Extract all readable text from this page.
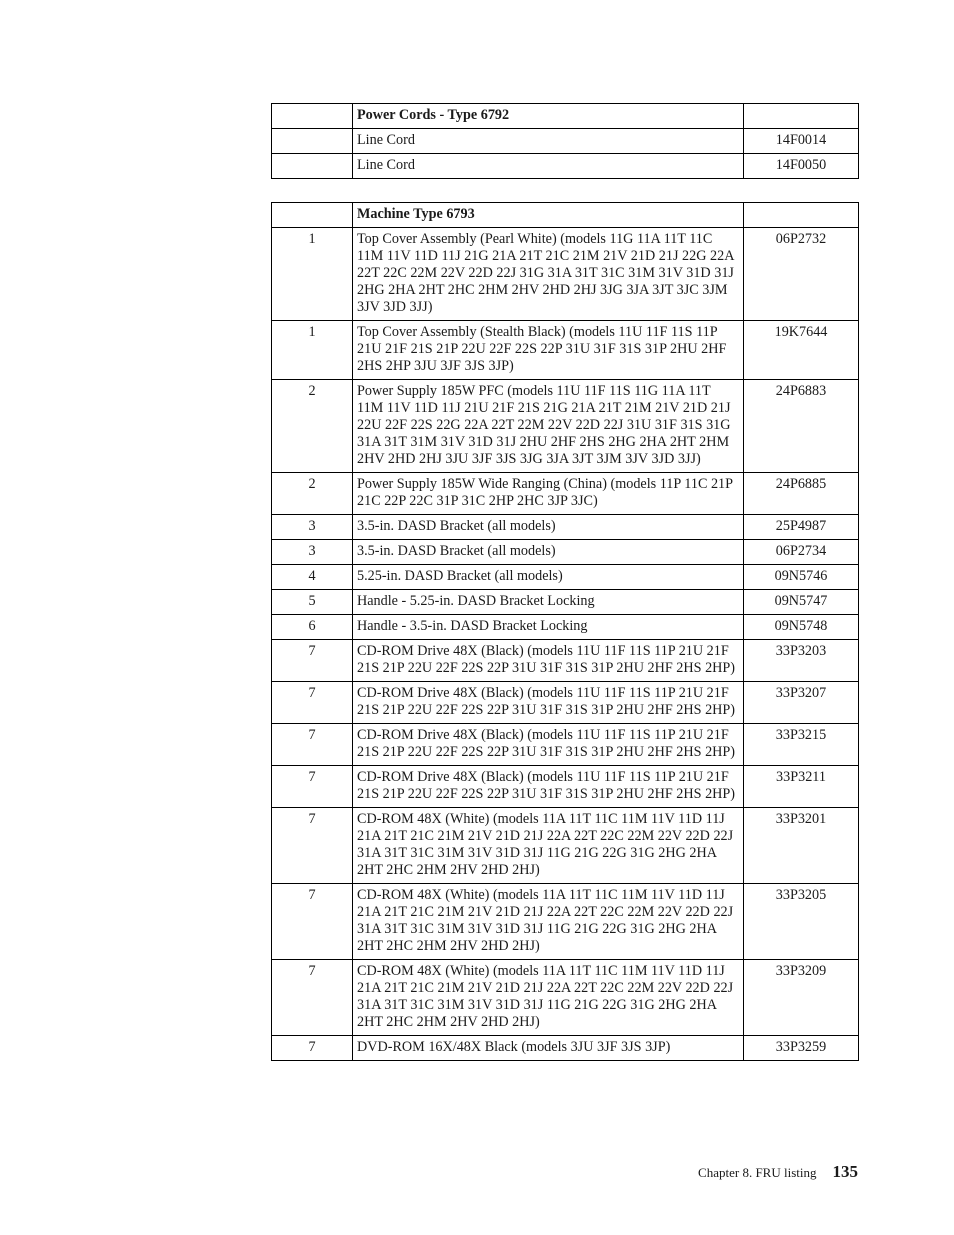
	Power Cords - Type 6792	
	Line Cord	14F0014
	Line Cord	14F0050
	Machine Type 6793	
1	Top Cover Assembly (Pearl White) (models 11G 11A 11T 11C 11M 11V 11D 11J 21G 21A 21T 21C 21M 21V 21D 21J 22G 22A 22T 22C 22M 22V 22D 22J 31G 31A 31T 31C 31M 31V 31D 31J 2HG 2HA 2HT 2HC 2HM 2HV 2HD 2HJ 3JG 3JA 3JT 3JC 3JM 3JV 3JD 3JJ)	06P2732
1	Top Cover Assembly (Stealth Black) (models 11U 11F 11S 11P 21U 21F 21S 21P 22U 22F 22S 22P 31U 31F 31S 31P 2HU 2HF 2HS 2HP 3JU 3JF 3JS 3JP)	19K7644
2	Power Supply 185W PFC (models 11U 11F 11S 11G 11A 11T 11M 11V 11D 11J 21U 21F 21S 21G 21A 21T 21M 21V 21D 21J 22U 22F 22S 22G 22A 22T 22M 22V 22D 22J 31U 31F 31S 31G 31A 31T 31M 31V 31D 31J 2HU 2HF 2HS 2HG 2HA 2HT 2HM 2HV 2HD 2HJ 3JU 3JF 3JS 3JG 3JA 3JT 3JM 3JV 3JD 3JJ)	24P6883
2	Power Supply 185W Wide Ranging (China) (models 11P 11C 21P 21C 22P 22C 31P 31C 2HP 2HC 3JP 3JC)	24P6885
3	3.5-in. DASD Bracket (all models)	25P4987
3	3.5-in. DASD Bracket (all models)	06P2734
4	5.25-in. DASD Bracket (all models)	09N5746
5	Handle - 5.25-in. DASD Bracket Locking	09N5747
6	Handle - 3.5-in. DASD Bracket Locking	09N5748
7	CD-ROM Drive 48X (Black) (models 11U 11F 11S 11P 21U 21F 21S 21P 22U 22F 22S 22P 31U 31F 31S 31P 2HU 2HF 2HS 2HP)	33P3203
7	CD-ROM Drive 48X (Black) (models 11U 11F 11S 11P 21U 21F 21S 21P 22U 22F 22S 22P 31U 31F 31S 31P 2HU 2HF 2HS 2HP)	33P3207
7	CD-ROM Drive 48X (Black) (models 11U 11F 11S 11P 21U 21F 21S 21P 22U 22F 22S 22P 31U 31F 31S 31P 2HU 2HF 2HS 2HP)	33P3215
7	CD-ROM Drive 48X (Black) (models 11U 11F 11S 11P 21U 21F 21S 21P 22U 22F 22S 22P 31U 31F 31S 31P 2HU 2HF 2HS 2HP)	33P3211
7	CD-ROM 48X (White) (models 11A 11T 11C 11M 11V 11D 11J 21A 21T 21C 21M 21V 21D 21J 22A 22T 22C 22M 22V 22D 22J 31A 31T 31C 31M 31V 31D 31J 11G 21G 22G 31G 2HG 2HA 2HT 2HC 2HM 2HV 2HD 2HJ)	33P3201
7	CD-ROM 48X (White) (models 11A 11T 11C 11M 11V 11D 11J 21A 21T 21C 21M 21V 21D 21J 22A 22T 22C 22M 22V 22D 22J 31A 31T 31C 31M 31V 31D 31J 11G 21G 22G 31G 2HG 2HA 2HT 2HC 2HM 2HV 2HD 2HJ)	33P3205
7	CD-ROM 48X (White) (models 11A 11T 11C 11M 11V 11D 11J 21A 21T 21C 21M 21V 21D 21J 22A 22T 22C 22M 22V 22D 22J 31A 31T 31C 31M 31V 31D 31J 11G 21G 22G 31G 2HG 2HA 2HT 2HC 2HM 2HV 2HD 2HJ)	33P3209
7	DVD-ROM 16X/48X Black (models 3JU 3JF 3JS 3JP)	33P3259
Chapter 8. FRU listing 135
